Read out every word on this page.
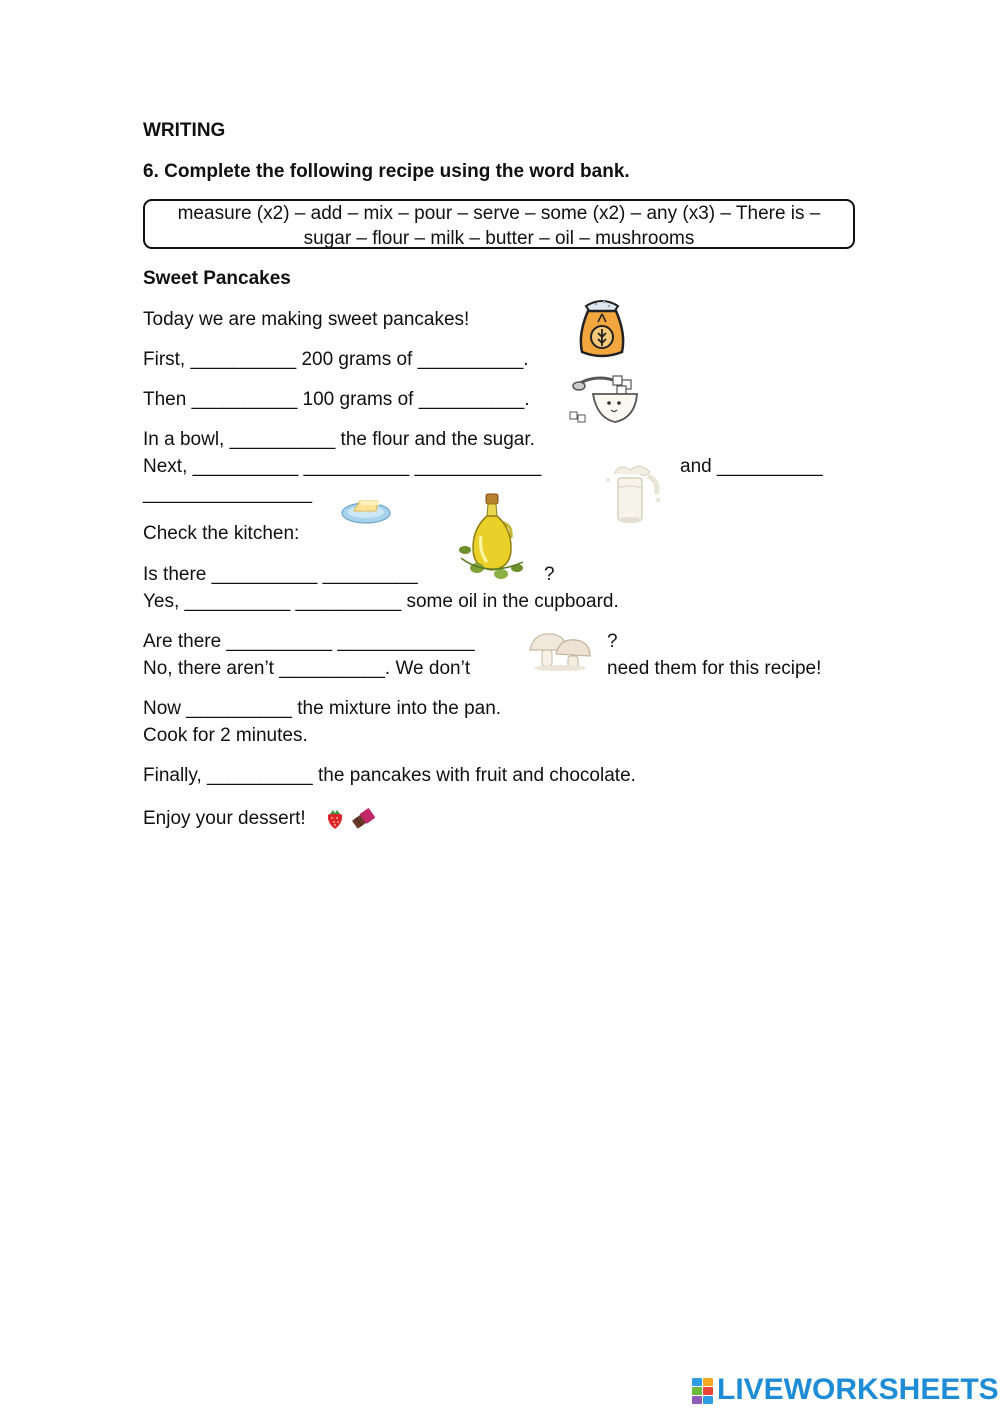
WRITING
6. Complete the following recipe using the word bank.
measure (x2) – add – mix – pour – serve – some (x2) – any (x3) – There is –
sugar – flour – milk – butter – oil – mushrooms
Sweet Pancakes
Today we are making sweet pancakes!
First, __________ 200 grams of __________.
Then __________ 100 grams of __________.
In a bowl, __________ the flour and the sugar.
Next, __________ __________ ____________	and __________
________________
Check the kitchen:
Is there __________ _________	?
Yes, __________ __________ some oil in the cupboard.
Are there __________ _____________	?
No, there aren’t __________. We don’t	need them for this recipe!
Now __________ the mixture into the pan.
Cook for 2 minutes.
Finally, __________ the pancakes with fruit and chocolate.
Enjoy your dessert!
LIVEWORKSHEETS
